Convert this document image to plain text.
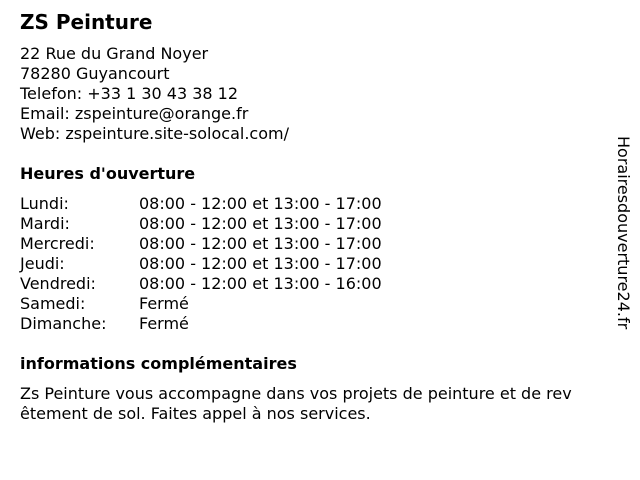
ZS Peinture
22 Rue du Grand Noyer
78280 Guyancourt
Telefon: +33 1 30 43 38 12
Email: zspeinture@orange.fr
Web: zspeinture.site-solocal.com/
Heures d'ouverture
Lundi:	08:00 - 12:00 et 13:00 - 17:00
Mardi:	08:00 - 12:00 et 13:00 - 17:00
Mercredi:	08:00 - 12:00 et 13:00 - 17:00
Jeudi:	08:00 - 12:00 et 13:00 - 17:00
Vendredi:	08:00 - 12:00 et 13:00 - 16:00
Samedi:	Fermé
Dimanche: Fermé
informations complémentaires
Zs Peinture vous accompagne dans vos projets de peinture et de rev
êtement de sol. Faites appel à nos services.
Horairesdouverture24.fr
